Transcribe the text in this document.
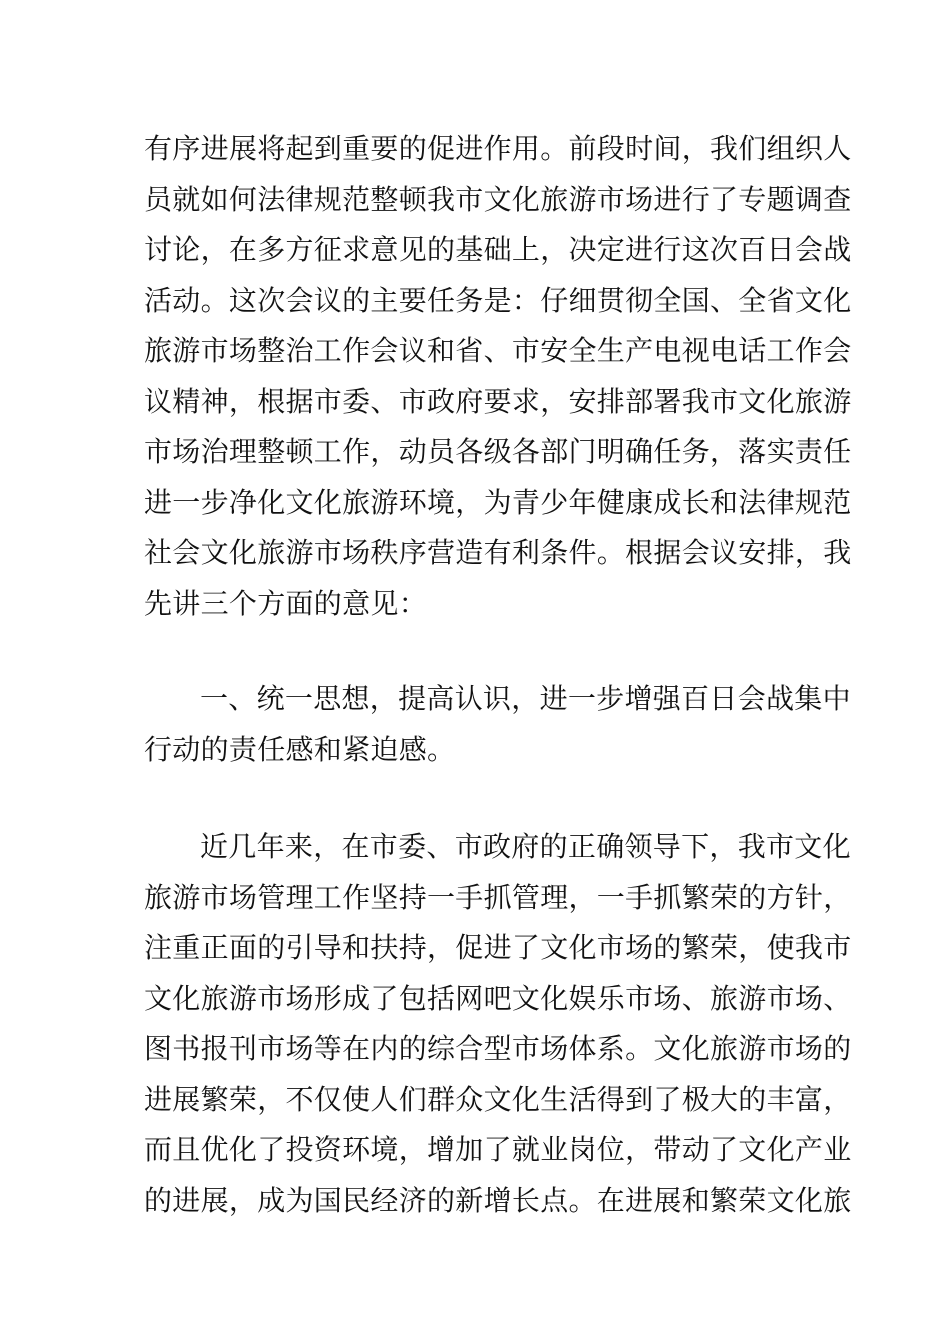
有序进展将起到重要的促进作用。前段时间，我们组织人
员就如何法律规范整顿我市文化旅游市场进行了专题调查
讨论，在多方征求意见的基础上，决定进行这次百日会战
活动。这次会议的主要任务是：仔细贯彻全国、全省文化
旅游市场整治工作会议和省、市安全生产电视电话工作会
议精神，根据市委、市政府要求，安排部署我市文化旅游
市场治理整顿工作，动员各级各部门明确任务，落实责任
进一步净化文化旅游环境，为青少年健康成长和法律规范
社会文化旅游市场秩序营造有利条件。根据会议安排，我
先讲三个方面的意见：
一、统一思想，提高认识，进一步增强百日会战集中
行动的责任感和紧迫感。
近几年来，在市委、市政府的正确领导下，我市文化
旅游市场管理工作坚持一手抓管理，一手抓繁荣的方针，
注重正面的引导和扶持，促进了文化市场的繁荣，使我市
文化旅游市场形成了包括网吧文化娱乐市场、旅游市场、
图书报刊市场等在内的综合型市场体系。文化旅游市场的
进展繁荣，不仅使人们群众文化生活得到了极大的丰富，
而且优化了投资环境，增加了就业岗位，带动了文化产业
的进展，成为国民经济的新增长点。在进展和繁荣文化旅
